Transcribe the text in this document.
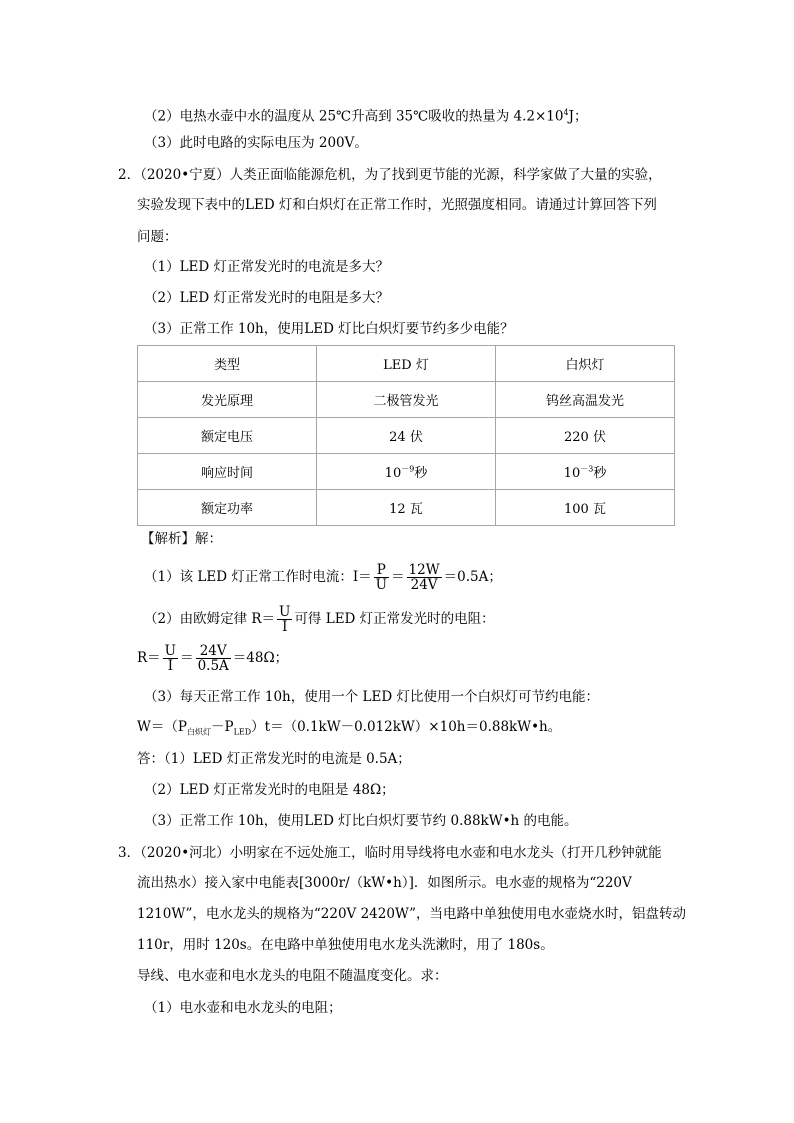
（2）电热水壶中水的温度从 25℃升高到 35℃吸收的热量为 $4.2\times 10^4J$；
（3）此时电路的实际电压为 200V。
2．（2020•宁夏）人类正面临能源危机，为了找到更节能的光源，科学家做了大量的实验，
实验发现下表中的LED 灯和白炽灯在正常工作时，光照强度相同。请通过计算回答下列
问题：
（1）LED 灯正常发光时的电流是多大？
（2）LED 灯正常发光时的电阻是多大？
（3）正常工作 10h，使用LED 灯比白炽灯要节约多少电能？
类型	LED 灯	白炽灯
发光原理	二极管发光	钨丝高温发光
额定电压	24 伏	220 伏
响应时间	$10^{-9}$秒	$10^{-3}$秒
额定功率	12 瓦	100 瓦
【解析】解：
（1）该 LED 灯正常工作时电流：$I= \frac{P}{U} = \frac{12W}{24V} =0.5A$；
（2）由欧姆定律 $R= \frac{U}{I}$ 可得 LED 灯正常发光时的电阻：
$R= \frac{U}{I} = \frac{24V}{0.5A} =48\Omega$；
（3）每天正常工作 10h，使用一个 LED 灯比使用一个白炽灯可节约电能：
$W=(P_{白炽灯}-P_{LED})t=(0.1kW-0.012kW)\times 10h=0.88kW•h$。
答：（1）LED 灯正常发光时的电流是 0.5A；
（2）LED 灯正常发光时的电阻是 48Ω；
（3）正常工作 10h，使用LED 灯比白炽灯要节约 0.88kW•h 的电能。
3．（2020•河北）小明家在不远处施工，临时用导线将电水壶和电水龙头（打开几秒钟就能
流出热水）接入家中电能表[3000r/（kW•h）]．如图所示。电水壶的规格为“220V
1210W”，电水龙头的规格为“220V 2420W”，当电路中单独使用电水壶烧水时，铝盘转动
110r，用时 120s。在电路中单独使用电水龙头洗漱时，用了 180s。
导线、电水壶和电水龙头的电阻不随温度变化。求：
（1）电水壶和电水龙头的电阻；
